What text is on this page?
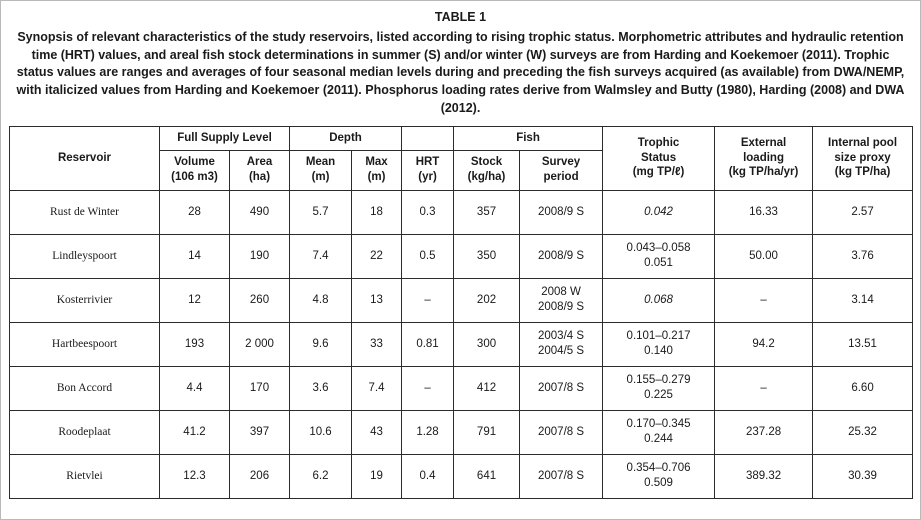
TABLE 1
Synopsis of relevant characteristics of the study reservoirs, listed according to rising trophic status. Morphometric attributes and hydraulic retention time (HRT) values, and areal fish stock determinations in summer (S) and/or winter (W) surveys are from Harding and Koekemoer (2011). Trophic status values are ranges and averages of four seasonal median levels during and preceding the fish surveys acquired (as available) from DWA/NEMP, with italicized values from Harding and Koekemoer (2011). Phosphorus loading rates derive from Walmsley and Butty (1980), Harding (2008) and DWA (2012).
Reservoir	Full Supply Level		Depth			Fish		Trophic
Status
(mg TP/ℓ)	External
loading
(kg TP/ha/yr)	Internal pool
size proxy
(kg TP/ha)

	Volume
(106 m3)	Area
(ha)	Mean
(m)	Max
(m)	HRT
(yr)	Stock
(kg/ha)	Survey
period			

Rust de Winter	28	490	5.7	18	0.3	357	2008/9 S	0.042	16.33	2.57
Lindleyspoort	14	190	7.4	22	0.5	350	2008/9 S	0.043–0.058
0.051	50.00	3.76
Kosterrivier	12	260	4.8	13	–	202	2008 W
2008/9 S	0.068	–	3.14
Hartbeespoort	193	2 000	9.6	33	0.81	300	2003/4 S
2004/5 S	0.101–0.217
0.140	94.2	13.51
Bon Accord	4.4	170	3.6	7.4	–	412	2007/8 S	0.155–0.279
0.225	–	6.60
Roodeplaat	41.2	397	10.6	43	1.28	791	2007/8 S	0.170–0.345
0.244	237.28	25.32
Rietvlei	12.3	206	6.2	19	0.4	641	2007/8 S	0.354–0.706
0.509	389.32	30.39
